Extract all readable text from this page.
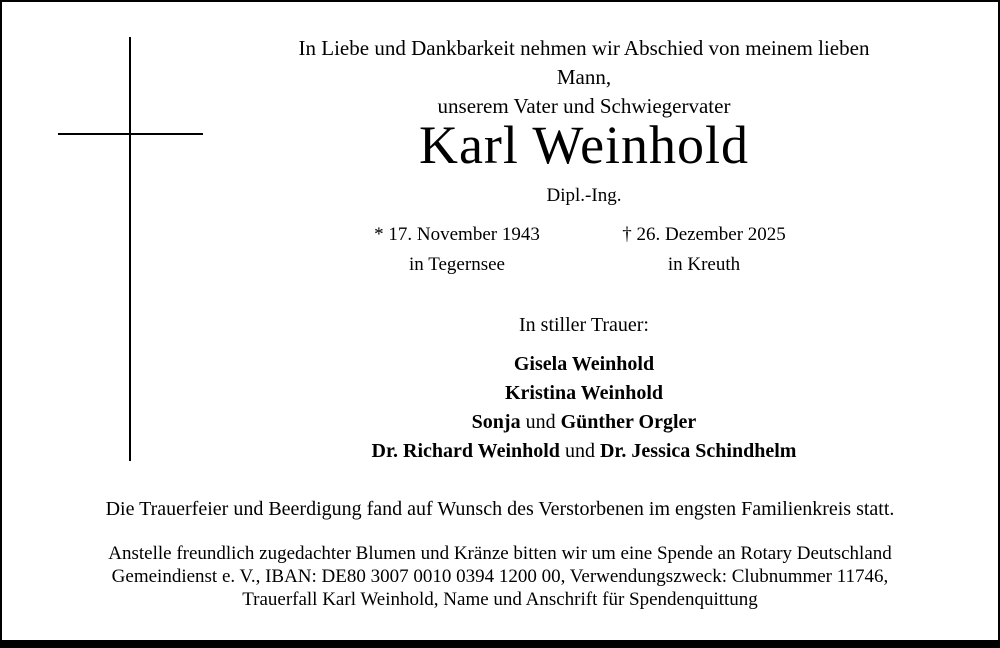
In Liebe und Dankbarkeit nehmen wir Abschied von meinem lieben Mann,
unserem Vater und Schwiegervater
Karl Weinhold
Dipl.-Ing.
* 17. November 1943
in Tegernsee
† 26. Dezember 2025
in Kreuth
In stiller Trauer:
Gisela Weinhold
Kristina Weinhold
Sonja und Günther Orgler
Dr. Richard Weinhold und Dr. Jessica Schindhelm
Die Trauerfeier und Beerdigung fand auf Wunsch des Verstorbenen im engsten Familienkreis statt.
Anstelle freundlich zugedachter Blumen und Kränze bitten wir um eine Spende an Rotary Deutschland
Gemeindienst e. V., IBAN: DE80 3007 0010 0394 1200 00, Verwendungszweck: Clubnummer 11746,
Trauerfall Karl Weinhold, Name und Anschrift für Spendenquittung
